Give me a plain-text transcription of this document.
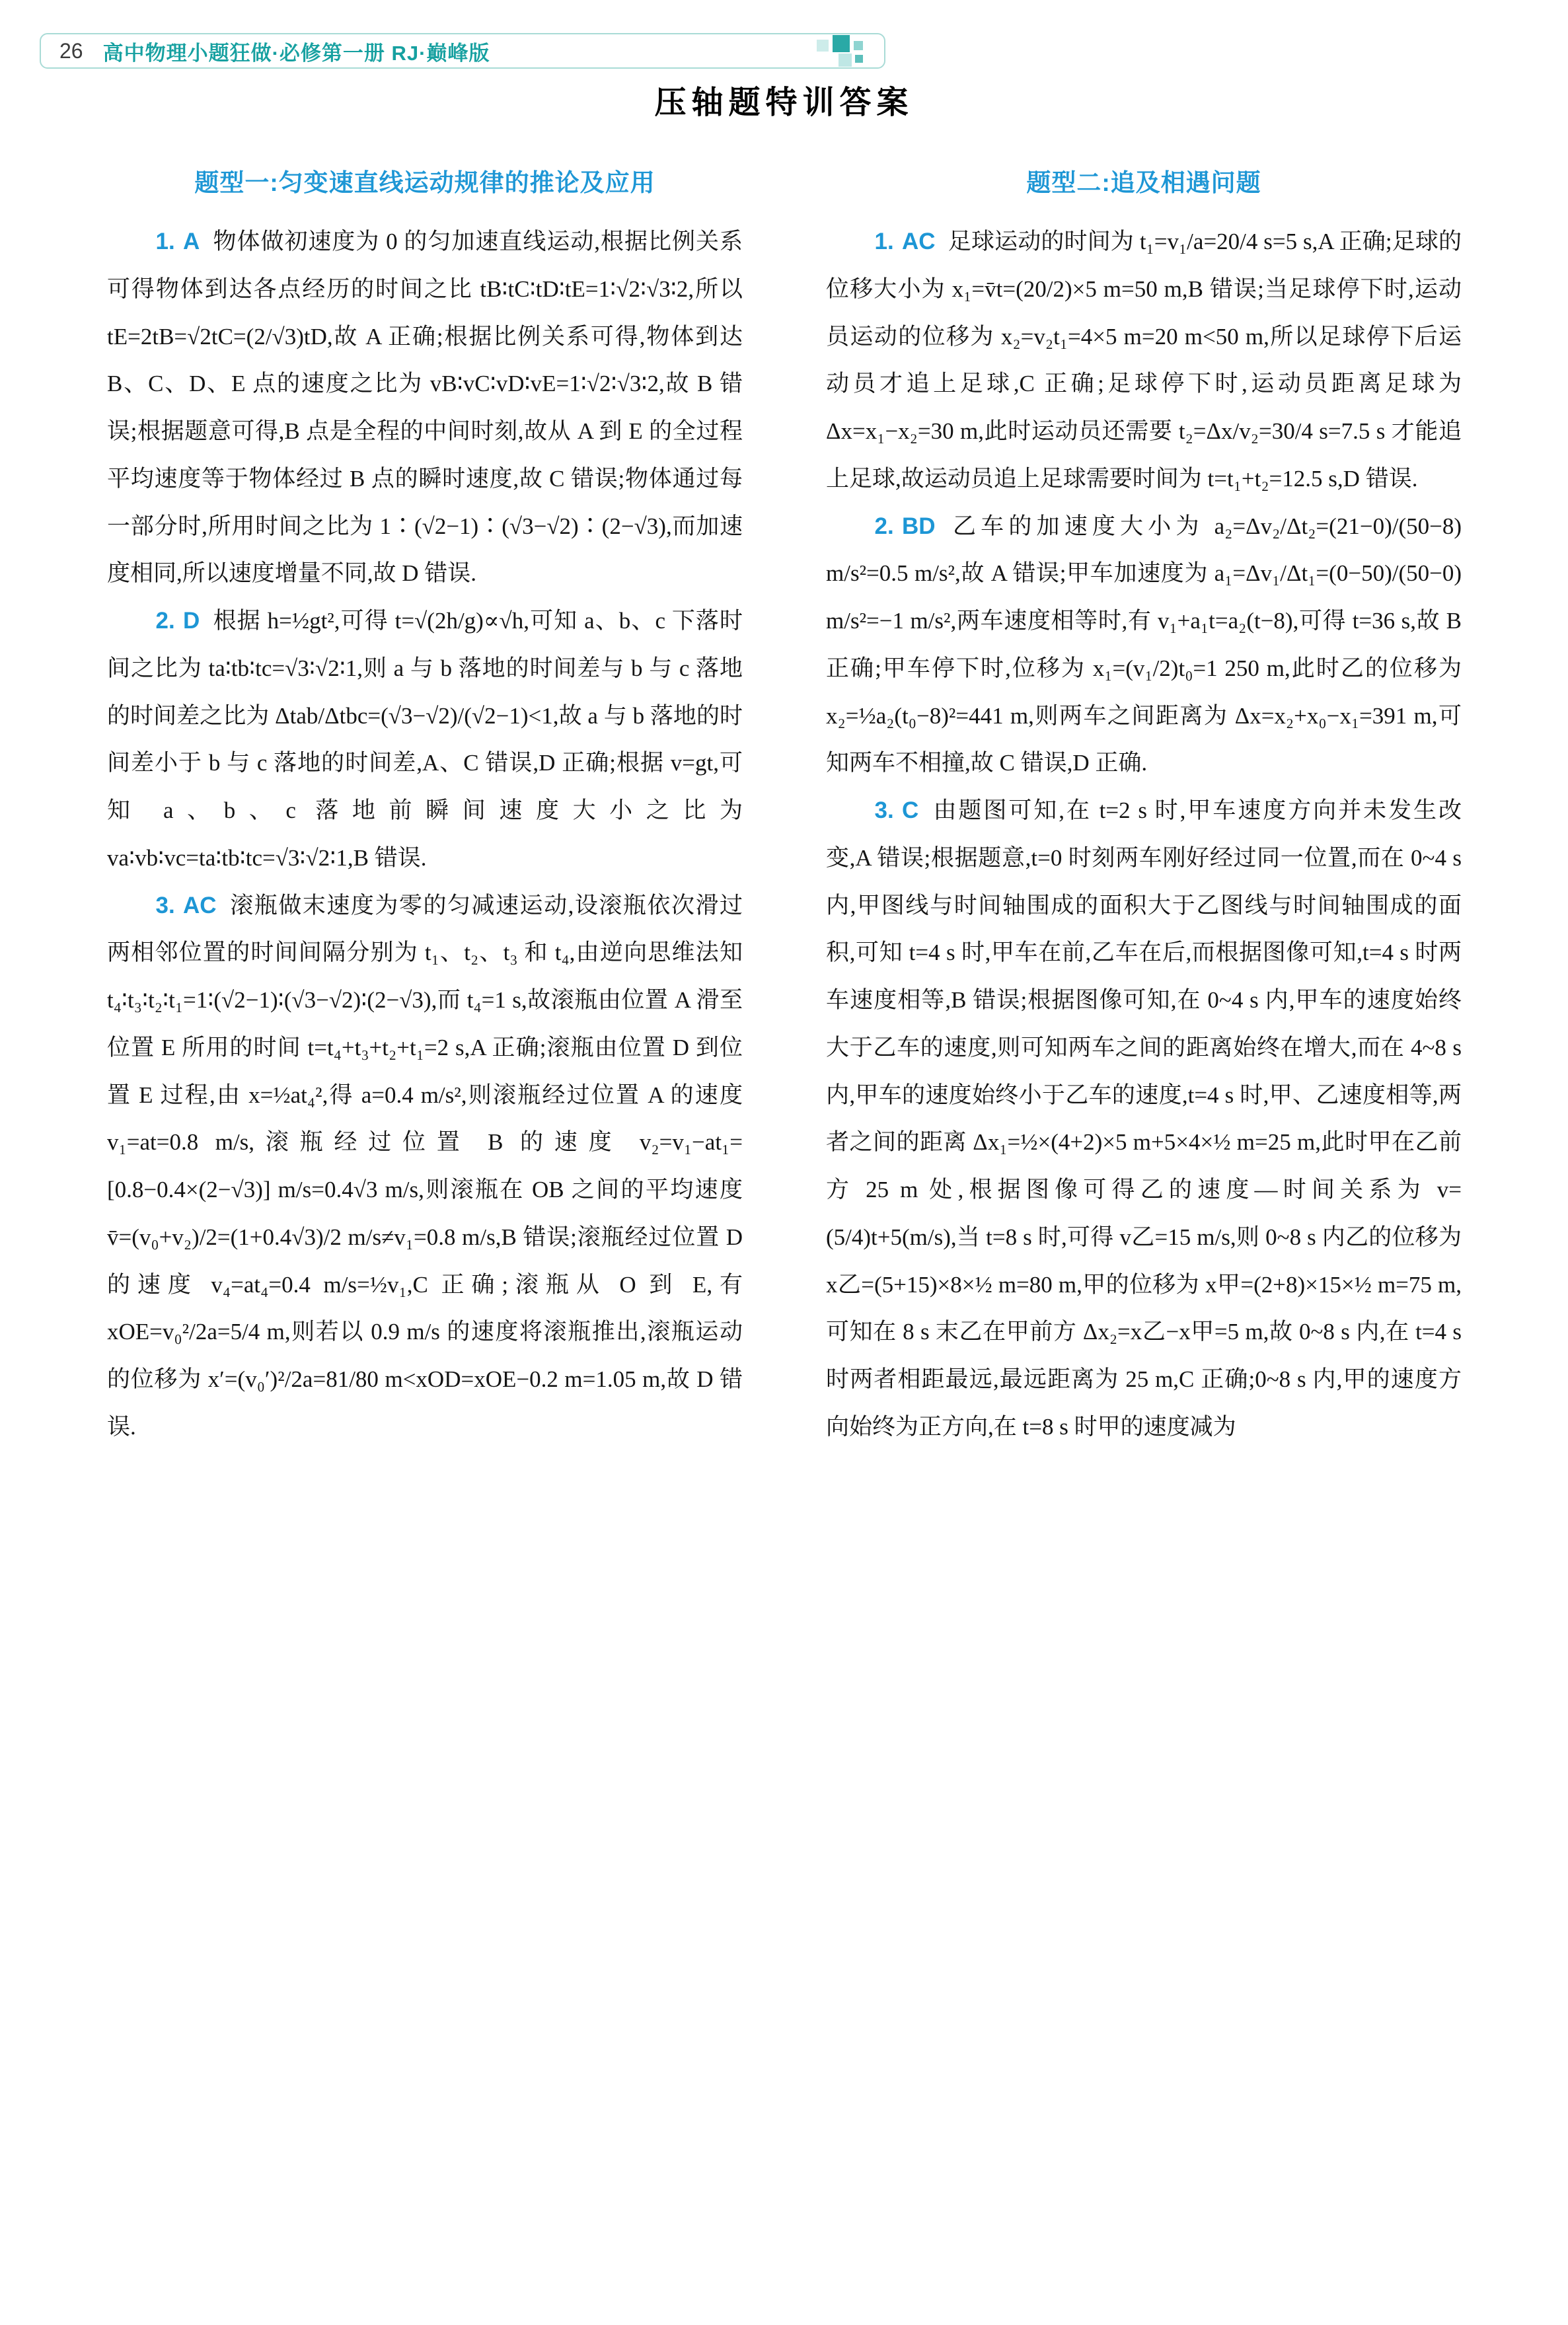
26 高中物理小题狂做·必修第一册 RJ·巅峰版
压轴题特训答案
题型一:匀变速直线运动规律的推论及应用

1. A 物体做初速度为 0 的匀加速直线运动,根据比例关系可得物体到达各点经历的时间之比 tB∶tC∶tD∶tE=1∶√2∶√3∶2,所以 tE=2tB=√2tC=(2/√3)tD,故 A 正确;根据比例关系可得,物体到达 B、C、D、E 点的速度之比为 vB∶vC∶vD∶vE=1∶√2∶√3∶2,故 B 错误;根据题意可得,B 点是全程的中间时刻,故从 A 到 E 的全过程平均速度等于物体经过 B 点的瞬时速度,故 C 错误;物体通过每一部分时,所用时间之比为 1∶(√2−1)∶(√3−√2)∶(2−√3),而加速度相同,所以速度增量不同,故 D 错误.

2. D 根据 h=½gt²,可得 t=√(2h/g)∝√h,可知 a、b、c 下落时间之比为 ta∶tb∶tc=√3∶√2∶1,则 a 与 b 落地的时间差与 b 与 c 落地的时间差之比为 Δtab/Δtbc=(√3−√2)/(√2−1)<1,故 a 与 b 落地的时间差小于 b 与 c 落地的时间差,A、C 错误,D 正确;根据 v=gt,可知 a、b、c 落地前瞬间速度大小之比为 va∶vb∶vc=ta∶tb∶tc=√3∶√2∶1,B 错误.

3. AC 滚瓶做末速度为零的匀减速运动,设滚瓶依次滑过两相邻位置的时间间隔分别为 t₁、t₂、t₃ 和 t₄,由逆向思维法知 t₄∶t₃∶t₂∶t₁=1∶(√2−1)∶(√3−√2)∶(2−√3),而 t₄=1 s,故滚瓶由位置 A 滑至位置 E 所用的时间 t=t₄+t₃+t₂+t₁=2 s,A 正确;滚瓶由位置 D 到位置 E 过程,由 x=½at₄²,得 a=0.4 m/s²,则滚瓶经过位置 A 的速度 v₁=at=0.8 m/s,滚瓶经过位置 B 的速度 v₂=v₁−at₁=[0.8−0.4×(2−√3)] m/s=0.4√3 m/s,则滚瓶在 OB 之间的平均速度 v̄=(v₀+v₂)/2=(1+0.4√3)/2 m/s≠v₁=0.8 m/s,B 错误;滚瓶经过位置 D 的速度 v₄=at₄=0.4 m/s=½v₁,C 正确;滚瓶从 O 到 E,有 xOE=v₀²/2a=5/4 m,则若以 0.9 m/s 的速度将滚瓶推出,滚瓶运动的位移为 x′=(v₀′)²/2a=81/80 m<xOD=xOE−0.2 m=1.05 m,故 D 错误.

题型二:追及相遇问题

1. AC 足球运动的时间为 t₁=v₁/a=20/4 s=5 s,A 正确;足球的位移大小为 x₁=v̄t=(20/2)×5 m=50 m,B 错误;当足球停下时,运动员运动的位移为 x₂=v₂t₁=4×5 m=20 m<50 m,所以足球停下后运动员才追上足球,C 正确;足球停下时,运动员距离足球为 Δx=x₁−x₂=30 m,此时运动员还需要 t₂=Δx/v₂=30/4 s=7.5 s 才能追上足球,故运动员追上足球需要时间为 t=t₁+t₂=12.5 s,D 错误.

2. BD 乙车的加速度大小为 a₂=Δv₂/Δt₂=(21−0)/(50−8) m/s²=0.5 m/s²,故 A 错误;甲车加速度为 a₁=Δv₁/Δt₁=(0−50)/(50−0) m/s²=−1 m/s²,两车速度相等时,有 v₁+a₁t=a₂(t−8),可得 t=36 s,故 B 正确;甲车停下时,位移为 x₁=(v₁/2)t₀=1 250 m,此时乙的位移为 x₂=½a₂(t₀−8)²=441 m,则两车之间距离为 Δx=x₂+x₀−x₁=391 m,可知两车不相撞,故 C 错误,D 正确.

3. C 由题图可知,在 t=2 s 时,甲车速度方向并未发生改变,A 错误;根据题意,t=0 时刻两车刚好经过同一位置,而在 0~4 s 内,甲图线与时间轴围成的面积大于乙图线与时间轴围成的面积,可知 t=4 s 时,甲车在前,乙车在后,而根据图像可知,t=4 s 时两车速度相等,B 错误;根据图像可知,在 0~4 s 内,甲车的速度始终大于乙车的速度,则可知两车之间的距离始终在增大,而在 4~8 s 内,甲车的速度始终小于乙车的速度,t=4 s 时,甲、乙速度相等,两者之间的距离 Δx₁=½×(4+2)×5 m+5×4×½ m=25 m,此时甲在乙前方 25 m 处,根据图像可得乙的速度—时间关系为 v=(5/4)t+5(m/s),当 t=8 s 时,可得 v乙=15 m/s,则 0~8 s 内乙的位移为 x乙=(5+15)×8×½ m=80 m,甲的位移为 x甲=(2+8)×15×½ m=75 m,可知在 8 s 末乙在甲前方 Δx₂=x乙−x甲=5 m,故 0~8 s 内,在 t=4 s 时两者相距最远,最远距离为 25 m,C 正确;0~8 s 内,甲的速度方向始终为正方向,在 t=8 s 时甲的速度减为
